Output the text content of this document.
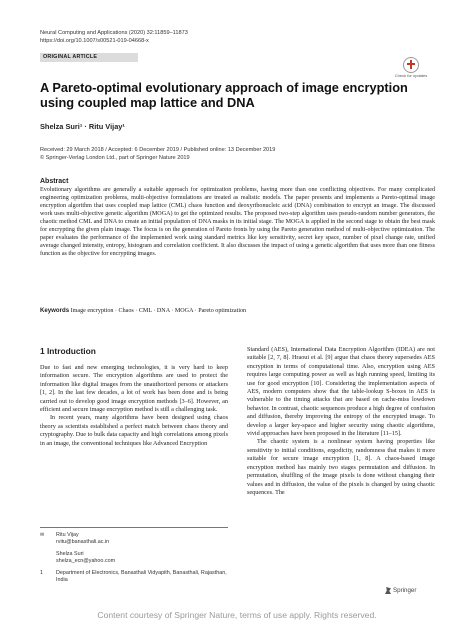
Neural Computing and Applications (2020) 32:11859–11873
https://doi.org/10.1007/s00521-019-04668-x
ORIGINAL ARTICLE
Check for updates
A Pareto-optimal evolutionary approach of image encryption using coupled map lattice and DNA
Shelza Suri¹ · Ritu Vijay¹
Received: 29 March 2018 / Accepted: 6 December 2019 / Published online: 13 December 2019
© Springer-Verlag London Ltd., part of Springer Nature 2019
Abstract
Evolutionary algorithms are generally a suitable approach for optimization problems, having more than one conflicting objectives. For many complicated engineering optimization problems, multi-objective formulations are treated as realistic models. The paper presents and implements a Pareto-optimal image encryption algorithm that uses coupled map lattice (CML) chaos function and deoxyribonucleic acid (DNA) combination to encrypt an image. The discussed work uses multi-objective genetic algorithm (MOGA) to get the optimized results. The proposed two-step algorithm uses pseudo-random number generators, the chaotic method CML and DNA to create an initial population of DNA masks in its initial stage. The MOGA is applied in the second stage to obtain the best mask for encrypting the given plain image. The focus is on the generation of Pareto fronts by using the Pareto generation method of multi-objective optimization. The paper evaluates the performance of the implemented work using standard metrics like key sensitivity, secret key space, number of pixel change rate, unified average changed intensity, entropy, histogram and correlation coefficient. It also discusses the impact of using a genetic algorithm that uses more than one fitness function as the objective for encrypting images.
Keywords Image encryption · Chaos · CML · DNA · MOGA · Pareto optimization
1 Introduction

Due to fast and new emerging technologies, it is very hard to keep information secure. The encryption algorithms are used to protect the information like digital images from the unauthorized persons or attackers [1, 2]. In the last few decades, a lot of work has been done and is being carried out to develop good image encryption methods [3–6]. However, an efficient and secure image encryption method is still a challenging task.

In recent years, many algorithms have been designed using chaos theory as scientists established a perfect match between chaos theory and cryptography. Due to bulk data capacity and high correlations among pixels in an image, the conventional techniques like Advanced Encryption

Standard (AES), International Data Encryption Algorithm (IDEA) are not suitable [2, 7, 8]. Hraoui et al. [9] argue that chaos theory supersedes AES encryption in terms of computational time. Also, encryption using AES requires large computing power as well as high running speed, limiting its use for good encryption [10]. Considering the implementation aspects of AES, modern computers show that the table-lookup S-boxes in AES is vulnerable to the timing attacks that are based on cache-miss lowdown behavior. In contrast, chaotic sequences produce a high degree of confusion and diffusion, thereby improving the entropy of the encrypted image. To develop a larger key-space and higher security using chaotic algorithms, vivid approaches have been proposed in the literature [11–15].

The chaotic system is a nonlinear system having properties like sensitivity to initial conditions, ergodicity, randomness that makes it more suitable for secure image encryption [1, 8]. A chaos-based image encryption method has mainly two stages permutation and diffusion. In permutation, shuffling of the image pixels is done without changing their values and in diffusion, the value of the pixels is changed by using chaotic sequences. The

✉	Ritu Vijay
rvitu@banasthali.ac.in
Shelza Suri
shelza_ecn@yahoo.com
1	Department of Electronics, Banasthali Vidyapith, Banasthali, Rajasthan, India
Springer
Content courtesy of Springer Nature, terms of use apply. Rights reserved.
